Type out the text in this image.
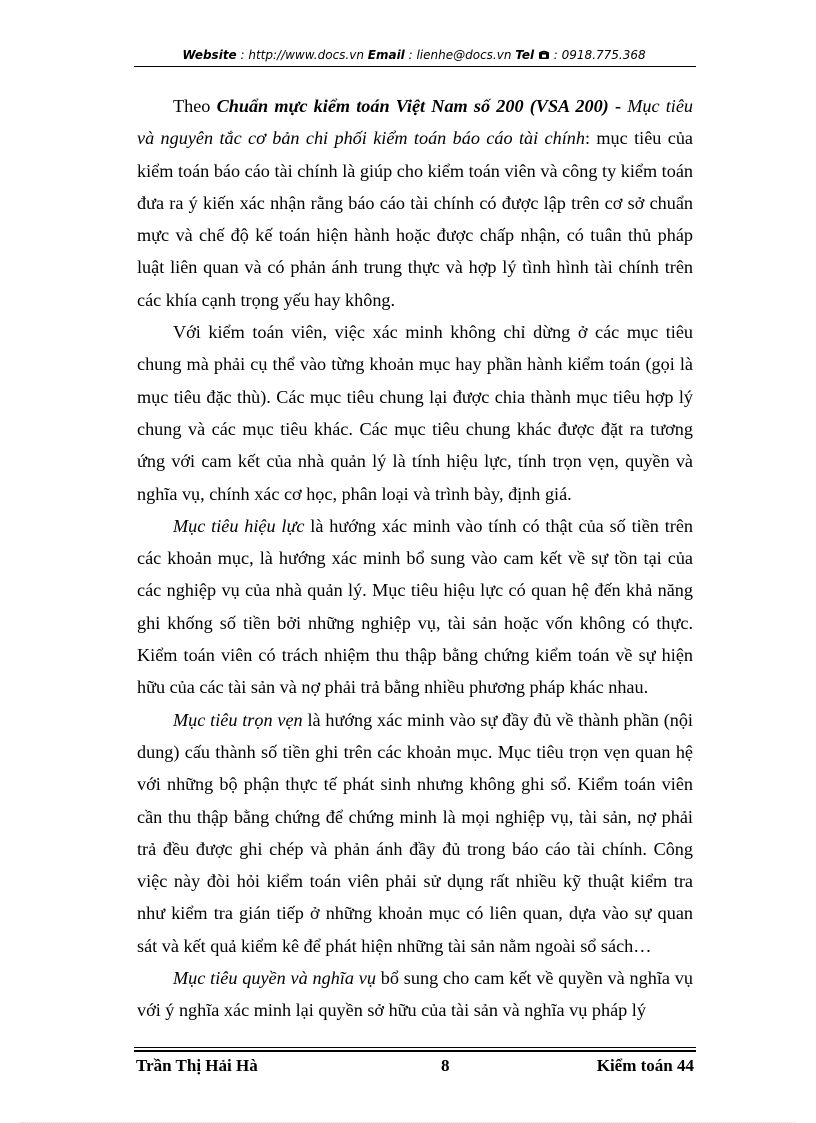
Website : http://www.docs.vn Email : lienhe@docs.vn Tel  : 0918.775.368

Theo Chuẩn mực kiểm toán Việt Nam số 200 (VSA 200) - Mục tiêu và nguyên tắc cơ bản chi phối kiểm toán báo cáo tài chính: mục tiêu của kiểm toán báo cáo tài chính là giúp cho kiểm toán viên và công ty kiểm toán đưa ra ý kiến xác nhận rằng báo cáo tài chính có được lập trên cơ sở chuẩn mực và chế độ kế toán hiện hành hoặc được chấp nhận, có tuân thủ pháp luật liên quan và có phản ánh trung thực và hợp lý tình hình tài chính trên các khía cạnh trọng yếu hay không.

Với kiểm toán viên, việc xác minh không chỉ dừng ở các mục tiêu chung mà phải cụ thể vào từng khoản mục hay phần hành kiểm toán (gọi là mục tiêu đặc thù). Các mục tiêu chung lại được chia thành mục tiêu hợp lý chung và các mục tiêu khác. Các mục tiêu chung khác được đặt ra tương ứng với cam kết của nhà quản lý là tính hiệu lực, tính trọn vẹn, quyền và nghĩa vụ, chính xác cơ học, phân loại và trình bày, định giá.

Mục tiêu hiệu lực là hướng xác minh vào tính có thật của số tiền trên các khoản mục, là hướng xác minh bổ sung vào cam kết về sự tồn tại của các nghiệp vụ của nhà quản lý. Mục tiêu hiệu lực có quan hệ đến khả năng ghi khống số tiền bởi những nghiệp vụ, tài sản hoặc vốn không có thực. Kiểm toán viên có trách nhiệm thu thập bằng chứng kiểm toán về sự hiện hữu của các tài sản và nợ phải trả bằng nhiều phương pháp khác nhau.

Mục tiêu trọn vẹn là hướng xác minh vào sự đầy đủ về thành phần (nội dung) cấu thành số tiền ghi trên các khoản mục. Mục tiêu trọn vẹn quan hệ với những bộ phận thực tế phát sinh nhưng không ghi sổ. Kiểm toán viên cần thu thập bằng chứng để chứng minh là mọi nghiệp vụ, tài sản, nợ phải trả đều được ghi chép và phản ánh đầy đủ trong báo cáo tài chính. Công việc này đòi hỏi kiểm toán viên phải sử dụng rất nhiều kỹ thuật kiểm tra như kiểm tra gián tiếp ở những khoản mục có liên quan, dựa vào sự quan sát và kết quả kiểm kê để phát hiện những tài sản nằm ngoài sổ sách…

Mục tiêu quyền và nghĩa vụ bổ sung cho cam kết về quyền và nghĩa vụ với ý nghĩa xác minh lại quyền sở hữu của tài sản và nghĩa vụ pháp lý

Trần Thị Hải Hà	8	Kiểm toán 44
